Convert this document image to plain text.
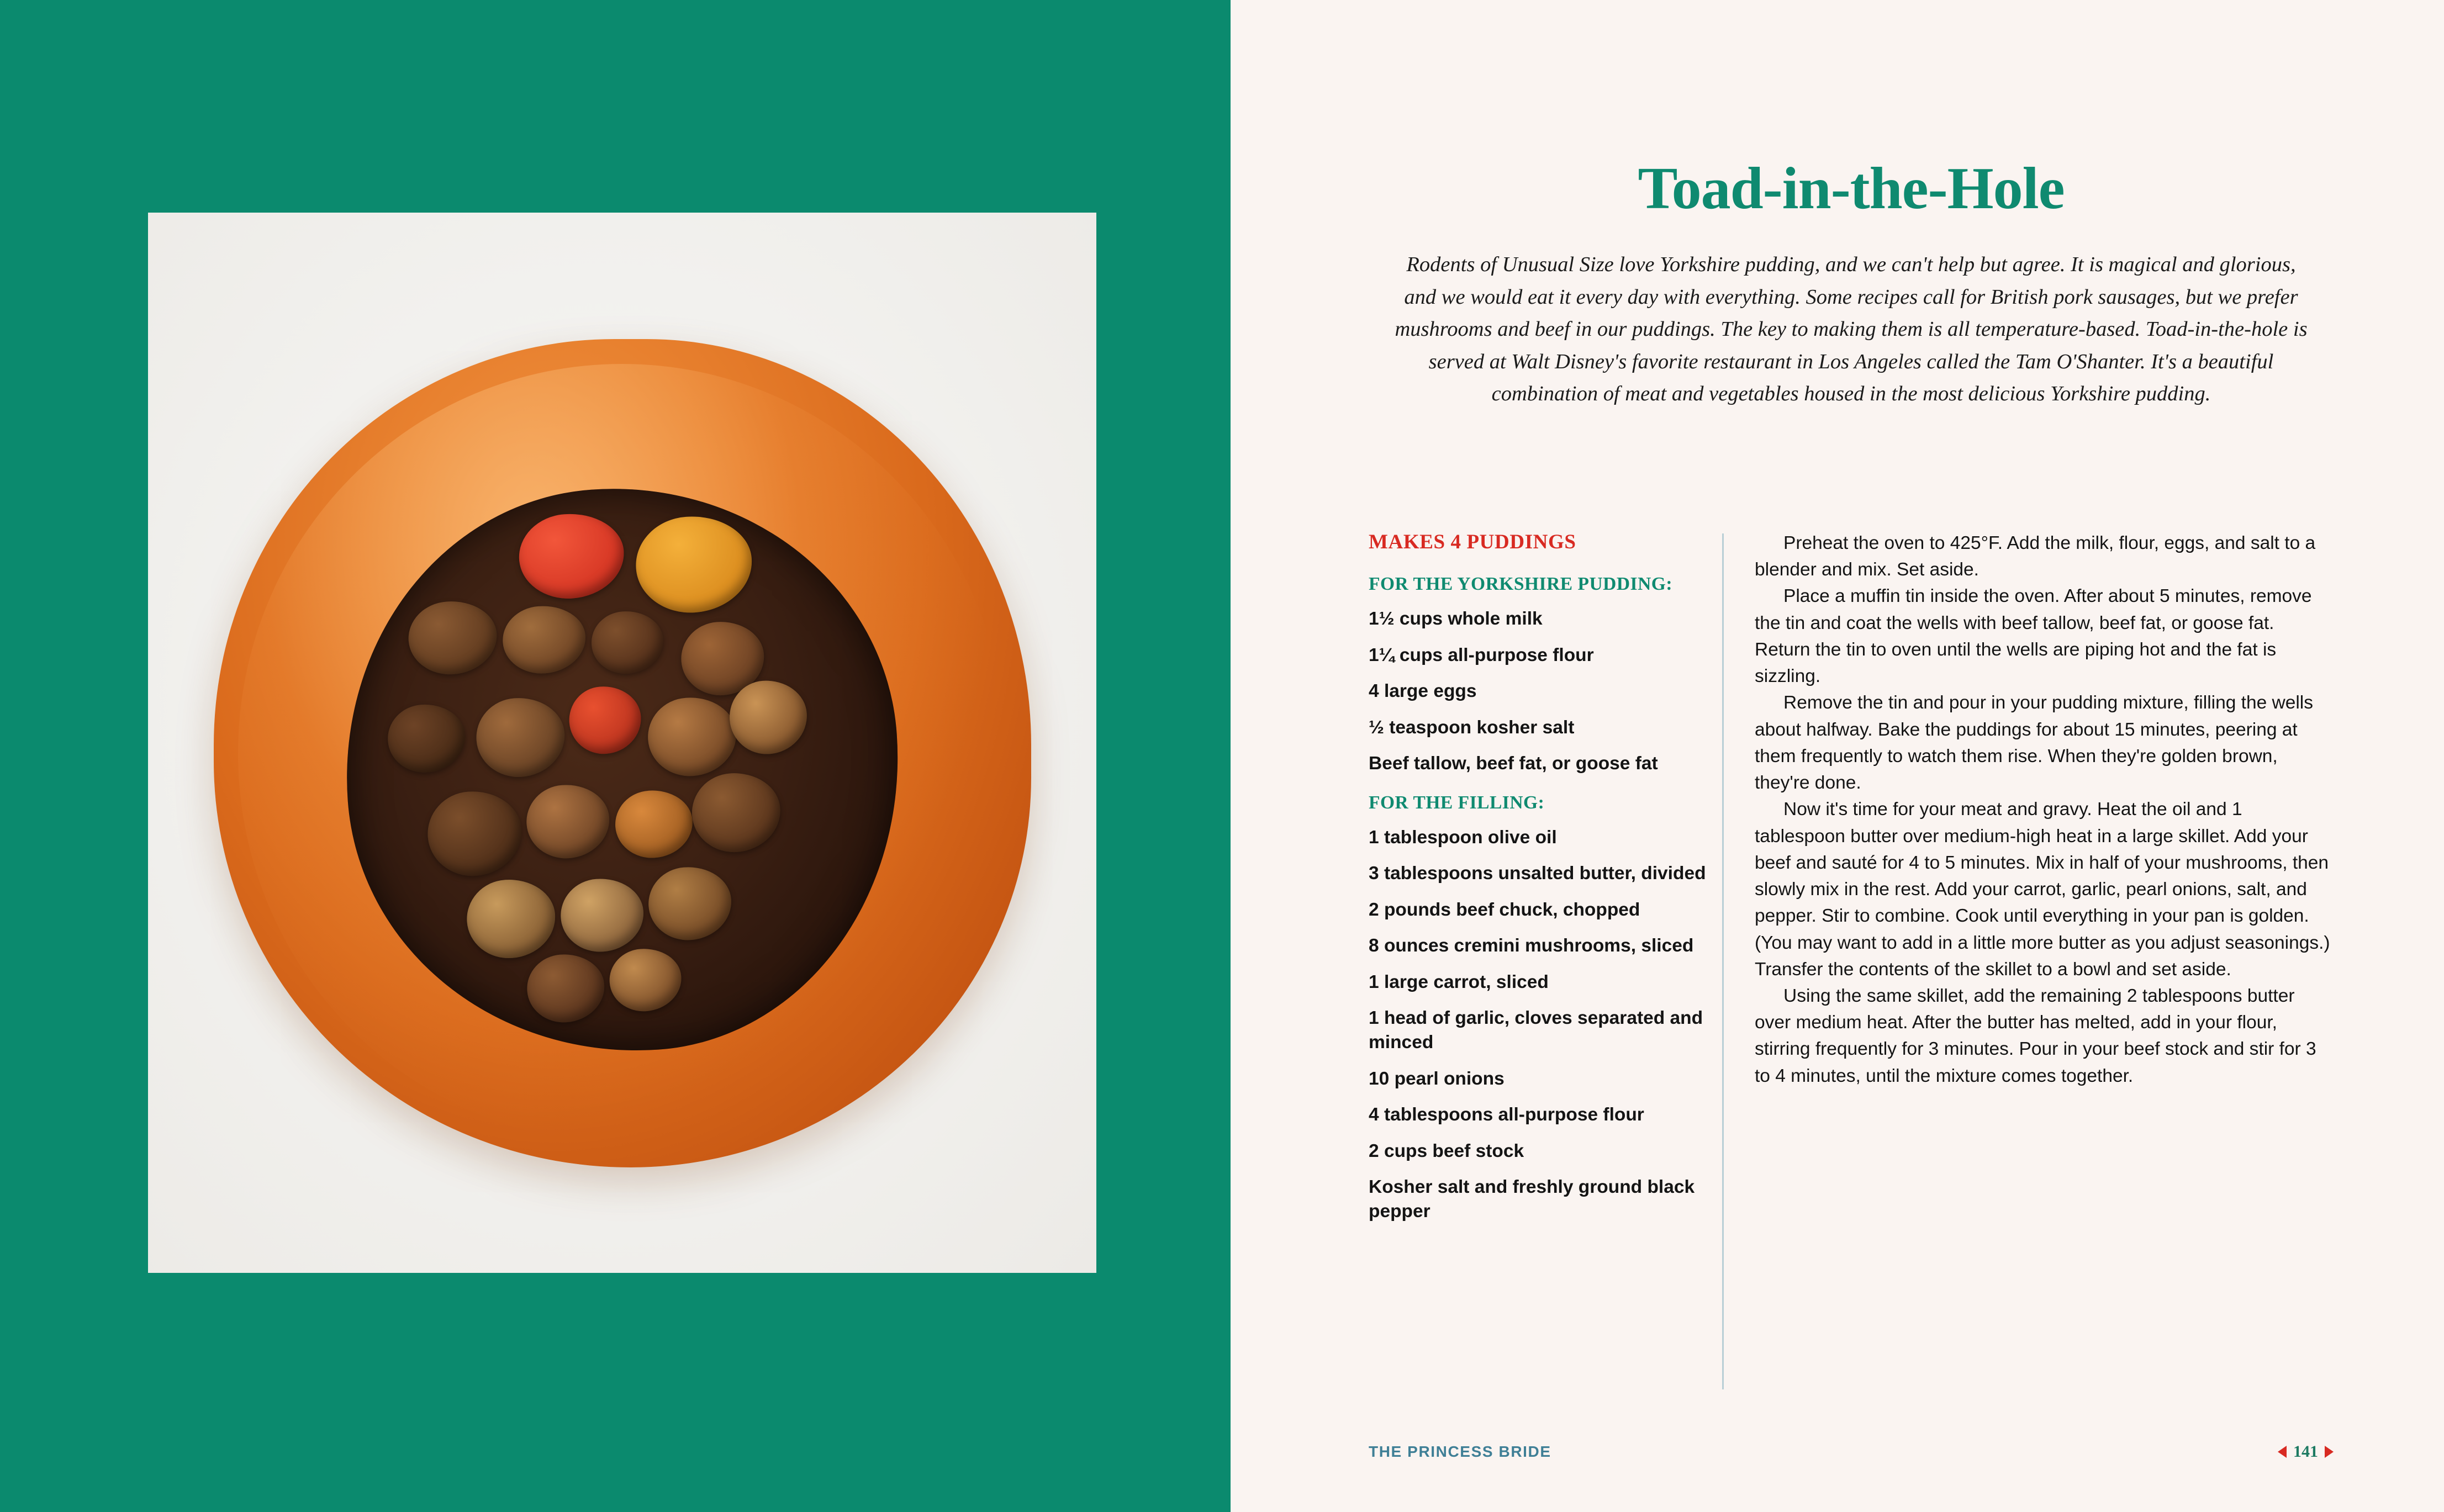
Toad-in-the-Hole

Rodents of Unusual Size love Yorkshire pudding, and we can't help but agree. It is magical and glorious, and we would eat it every day with everything. Some recipes call for British pork sausages, but we prefer mushrooms and beef in our puddings. The key to making them is all temperature-based. Toad-in-the-hole is served at Walt Disney's favorite restaurant in Los Angeles called the Tam O'Shanter. It's a beautiful combination of meat and vegetables housed in the most delicious Yorkshire pudding.

MAKES 4 PUDDINGS
FOR THE YORKSHIRE PUDDING:
1½ cups whole milk
1¼ cups all-purpose flour
4 large eggs
½ teaspoon kosher salt
Beef tallow, beef fat, or goose fat
FOR THE FILLING:
1 tablespoon olive oil
3 tablespoons unsalted butter, divided
2 pounds beef chuck, chopped
8 ounces cremini mushrooms, sliced
1 large carrot, sliced
1 head of garlic, cloves separated and minced
10 pearl onions
4 tablespoons all-purpose flour
2 cups beef stock
Kosher salt and freshly ground black pepper

Preheat the oven to 425°F. Add the milk, flour, eggs, and salt to a blender and mix. Set aside.

Place a muffin tin inside the oven. After about 5 minutes, remove the tin and coat the wells with beef tallow, beef fat, or goose fat. Return the tin to oven until the wells are piping hot and the fat is sizzling.

Remove the tin and pour in your pudding mixture, filling the wells about halfway. Bake the puddings for about 15 minutes, peering at them frequently to watch them rise. When they're golden brown, they're done.

Now it's time for your meat and gravy. Heat the oil and 1 tablespoon butter over medium-high heat in a large skillet. Add your beef and sauté for 4 to 5 minutes. Mix in half of your mushrooms, then slowly mix in the rest. Add your carrot, garlic, pearl onions, salt, and pepper. Stir to combine. Cook until everything in your pan is golden. (You may want to add in a little more butter as you adjust seasonings.) Transfer the contents of the skillet to a bowl and set aside.

Using the same skillet, add the remaining 2 tablespoons butter over medium heat. After the butter has melted, add in your flour, stirring frequently for 3 minutes. Pour in your beef stock and stir for 3 to 4 minutes, until the mixture comes together.

THE PRINCESS BRIDE	141
